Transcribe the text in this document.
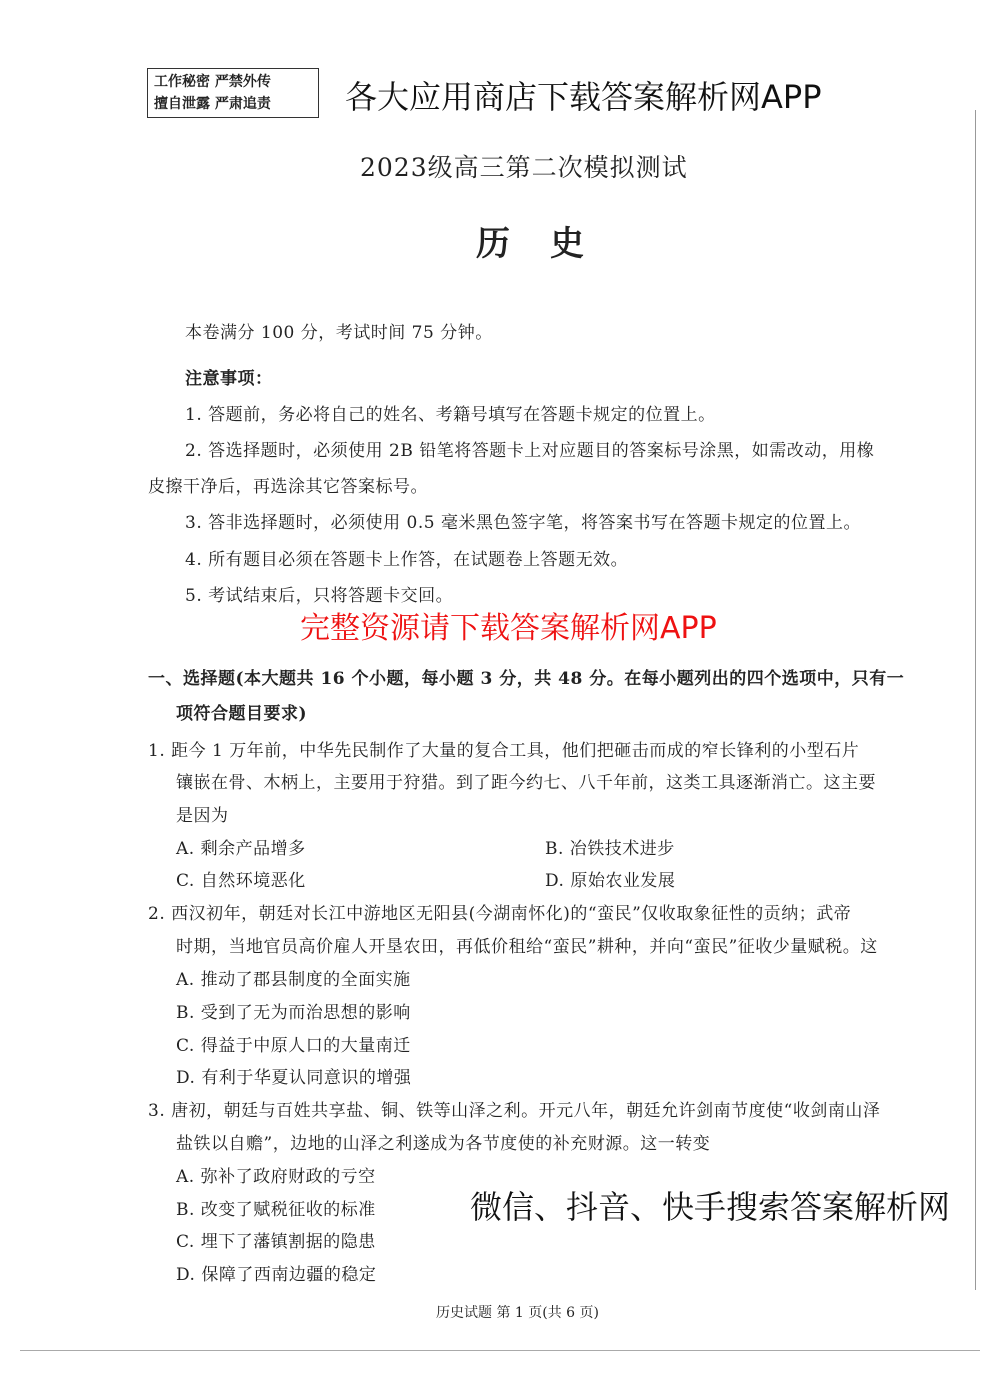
工作秘密 严禁外传
擅自泄露 严肃追责
2023级高三第二次模拟测试
历史
本卷满分 100 分，考试时间 75 分钟。
注意事项：
1. 答题前，务必将自己的姓名、考籍号填写在答题卡规定的位置上。
2. 答选择题时，必须使用 2B 铅笔将答题卡上对应题目的答案标号涂黑，如需改动，用橡
皮擦干净后，再选涂其它答案标号。
3. 答非选择题时，必须使用 0.5 毫米黑色签字笔，将答案书写在答题卡规定的位置上。
4. 所有题目必须在答题卡上作答，在试题卷上答题无效。
5. 考试结束后，只将答题卡交回。
一、选择题(本大题共 16 个小题，每小题 3 分，共 48 分。在每小题列出的四个选项中，只有一
项符合题目要求)
1. 距今 1 万年前，中华先民制作了大量的复合工具，他们把砸击而成的窄长锋利的小型石片
镶嵌在骨、木柄上，主要用于狩猎。到了距今约七、八千年前，这类工具逐渐消亡。这主要
是因为
A. 剩余产品增多	B. 冶铁技术进步
C. 自然环境恶化	D. 原始农业发展
2. 西汉初年，朝廷对长江中游地区无阳县(今湖南怀化)的“蛮民”仅收取象征性的贡纳；武帝
时期，当地官员高价雇人开垦农田，再低价租给“蛮民”耕种，并向“蛮民”征收少量赋税。这
A. 推动了郡县制度的全面实施
B. 受到了无为而治思想的影响
C. 得益于中原人口的大量南迁
D. 有利于华夏认同意识的增强
3. 唐初，朝廷与百姓共享盐、铜、铁等山泽之利。开元八年，朝廷允许剑南节度使“收剑南山泽
盐铁以自赡”，边地的山泽之利遂成为各节度使的补充财源。这一转变
A. 弥补了政府财政的亏空
B. 改变了赋税征收的标准
C. 埋下了藩镇割据的隐患
D. 保障了西南边疆的稳定
历史试题 第 1 页(共 6 页)
各大应用商店下载答案解析网APP
完整资源请下载答案解析网APP
微信、抖音、快手搜索答案解析网
